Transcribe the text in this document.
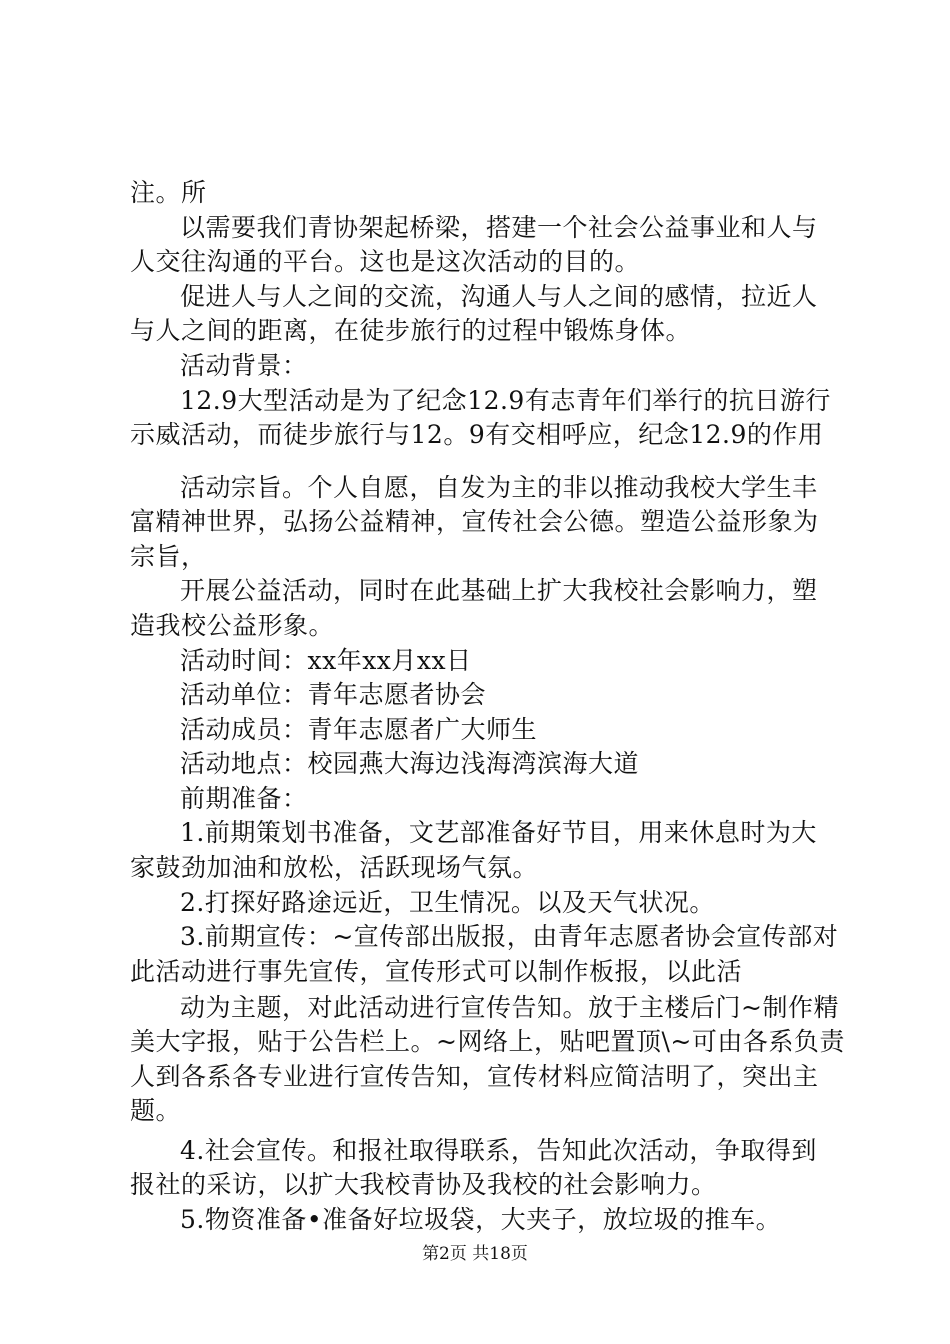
注。所
以需要我们青协架起桥梁，搭建一个社会公益事业和人与
人交往沟通的平台。这也是这次活动的目的。
促进人与人之间的交流，沟通人与人之间的感情，拉近人
与人之间的距离，在徒步旅行的过程中锻炼身体。
活动背景：
12.9大型活动是为了纪念12.9有志青年们举行的抗日游行
示威活动，而徒步旅行与12。9有交相呼应，纪念12.9的作用
活动宗旨。个人自愿，自发为主的非以推动我校大学生丰
富精神世界，弘扬公益精神，宣传社会公德。塑造公益形象为
宗旨，
开展公益活动，同时在此基础上扩大我校社会影响力，塑
造我校公益形象。
活动时间：xx年xx月xx日
活动单位：青年志愿者协会
活动成员：青年志愿者广大师生
活动地点：校园燕大海边浅海湾滨海大道
前期准备：
1.前期策划书准备，文艺部准备好节目，用来休息时为大
家鼓劲加油和放松，活跃现场气氛。
2.打探好路途远近，卫生情况。以及天气状况。
3.前期宣传：~宣传部出版报，由青年志愿者协会宣传部对
此活动进行事先宣传，宣传形式可以制作板报，以此活
动为主题，对此活动进行宣传告知。放于主楼后门~制作精
美大字报，贴于公告栏上。~网络上，贴吧置顶\~可由各系负责
人到各系各专业进行宣传告知，宣传材料应简洁明了，突出主
题。
4.社会宣传。和报社取得联系，告知此次活动，争取得到
报社的采访，以扩大我校青协及我校的社会影响力。
5.物资准备•准备好垃圾袋，大夹子，放垃圾的推车。
第2页 共18页
